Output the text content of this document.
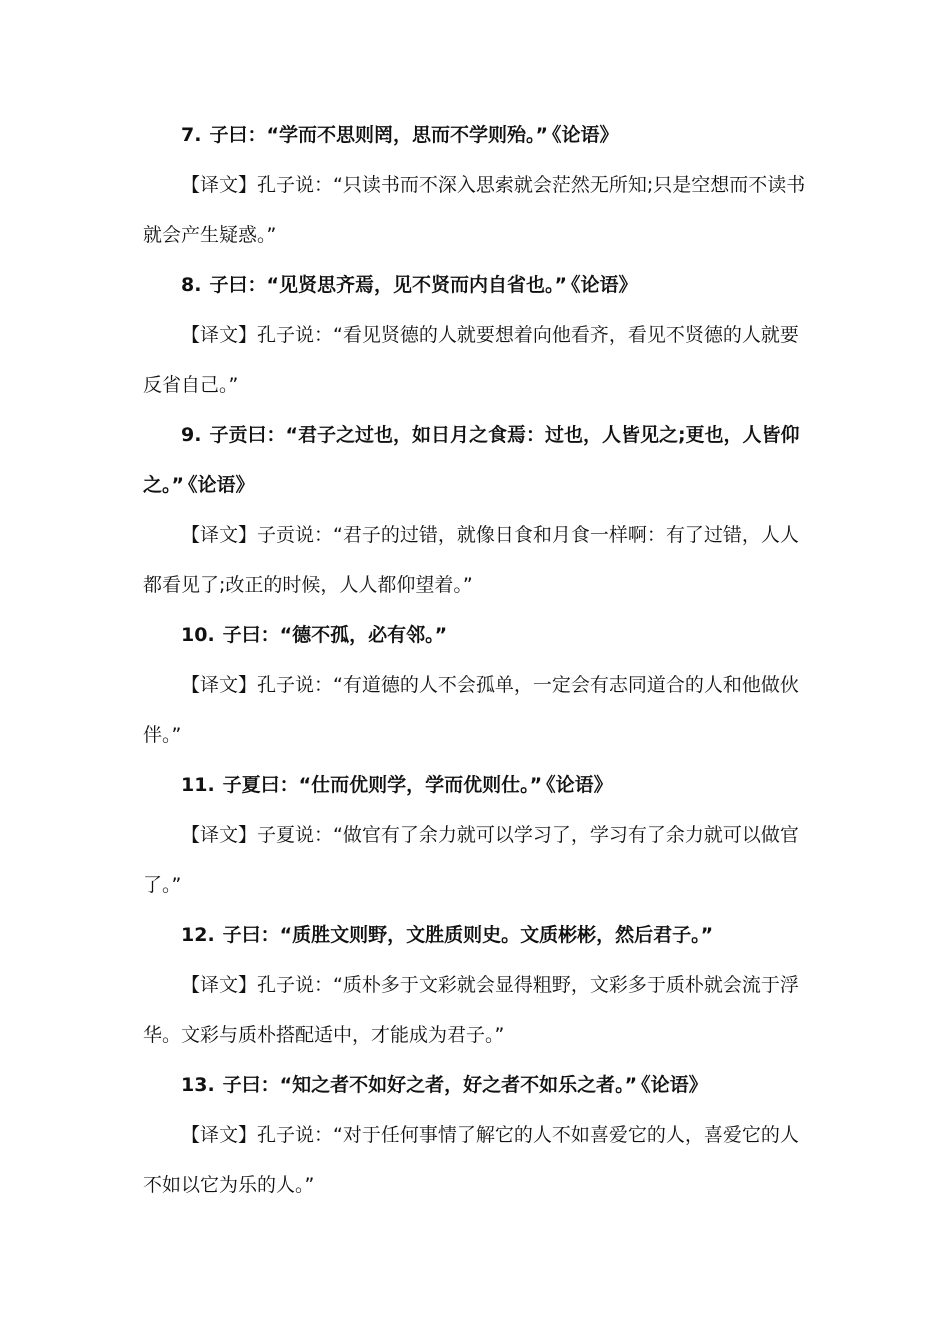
7. 子曰：“学而不思则罔，思而不学则殆。” 《论语》

【译文】孔子说：“只读书而不深入思索就会茫然无所知;只是空想而不读书就会产生疑惑。”

8. 子曰：“见贤思齐焉，见不贤而内自省也。” 《论语》

【译文】孔子说：“看见贤德的人就要想着向他看齐，看见不贤德的人就要反省自己。”

9. 子贡曰：“君子之过也，如日月之食焉：过也，人皆见之;更也，人皆仰之。” 《论语》

【译文】子贡说：“君子的过错，就像日食和月食一样啊：有了过错，人人都看见了;改正的时候，人人都仰望着。”

10. 子曰：“德不孤，必有邻。”

【译文】孔子说：“有道德的人不会孤单，一定会有志同道合的人和他做伙伴。”

11. 子夏曰：“仕而优则学，学而优则仕。” 《论语》

【译文】子夏说：“做官有了余力就可以学习了，学习有了余力就可以做官了。”

12. 子曰：“质胜文则野，文胜质则史。文质彬彬，然后君子。”

【译文】孔子说：“质朴多于文彩就会显得粗野，文彩多于质朴就会流于浮华。文彩与质朴搭配适中，才能成为君子。”

13. 子曰：“知之者不如好之者，好之者不如乐之者。” 《论语》

【译文】孔子说：“对于任何事情了解它的人不如喜爱它的人，喜爱它的人不如以它为乐的人。”
